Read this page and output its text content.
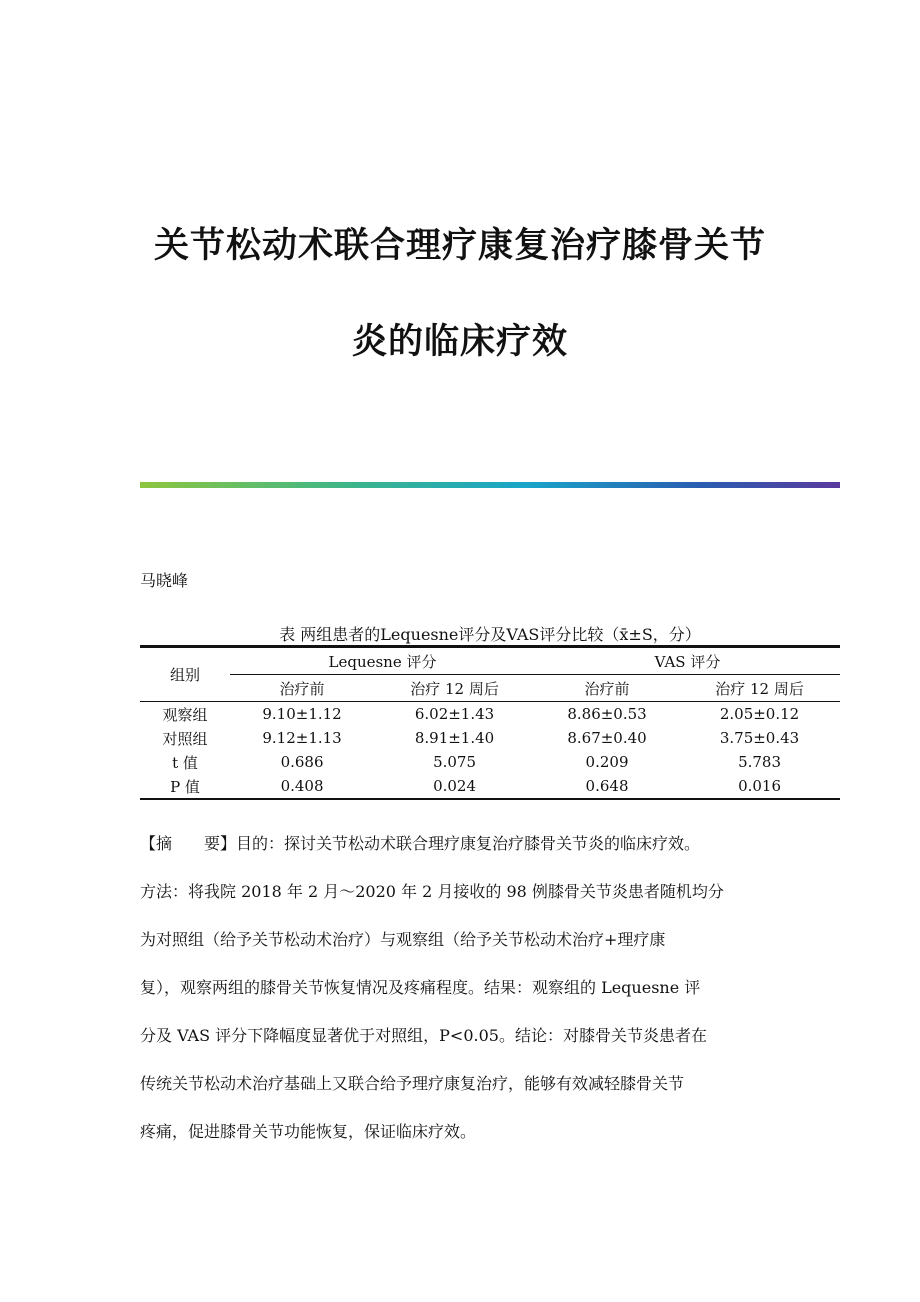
关节松动术联合理疗康复治疗膝骨关节
炎的临床疗效
马晓峰
表 两组患者的Lequesne评分及VAS评分比较（x̄±S，分）
组别	Lequesne 评分		VAS 评分	
	治疗前	治疗 12 周后	治疗前	治疗 12 周后
观察组	9.10±1.12	6.02±1.43	8.86±0.53	2.05±0.12
对照组	9.12±1.13	8.91±1.40	8.67±0.40	3.75±0.43
t 值	0.686	5.075	0.209	5.783
P 值	0.408	0.024	0.648	0.016
【摘　　要】目的：探讨关节松动术联合理疗康复治疗膝骨关节炎的临床疗效。
方法：将我院 2018 年 2 月～2020 年 2 月接收的 98 例膝骨关节炎患者随机均分
为对照组（给予关节松动术治疗）与观察组（给予关节松动术治疗+理疗康
复），观察两组的膝骨关节恢复情况及疼痛程度。结果：观察组的 Lequesne 评
分及 VAS 评分下降幅度显著优于对照组，P<0.05。结论：对膝骨关节炎患者在
传统关节松动术治疗基础上又联合给予理疗康复治疗，能够有效减轻膝骨关节
疼痛，促进膝骨关节功能恢复，保证临床疗效。
